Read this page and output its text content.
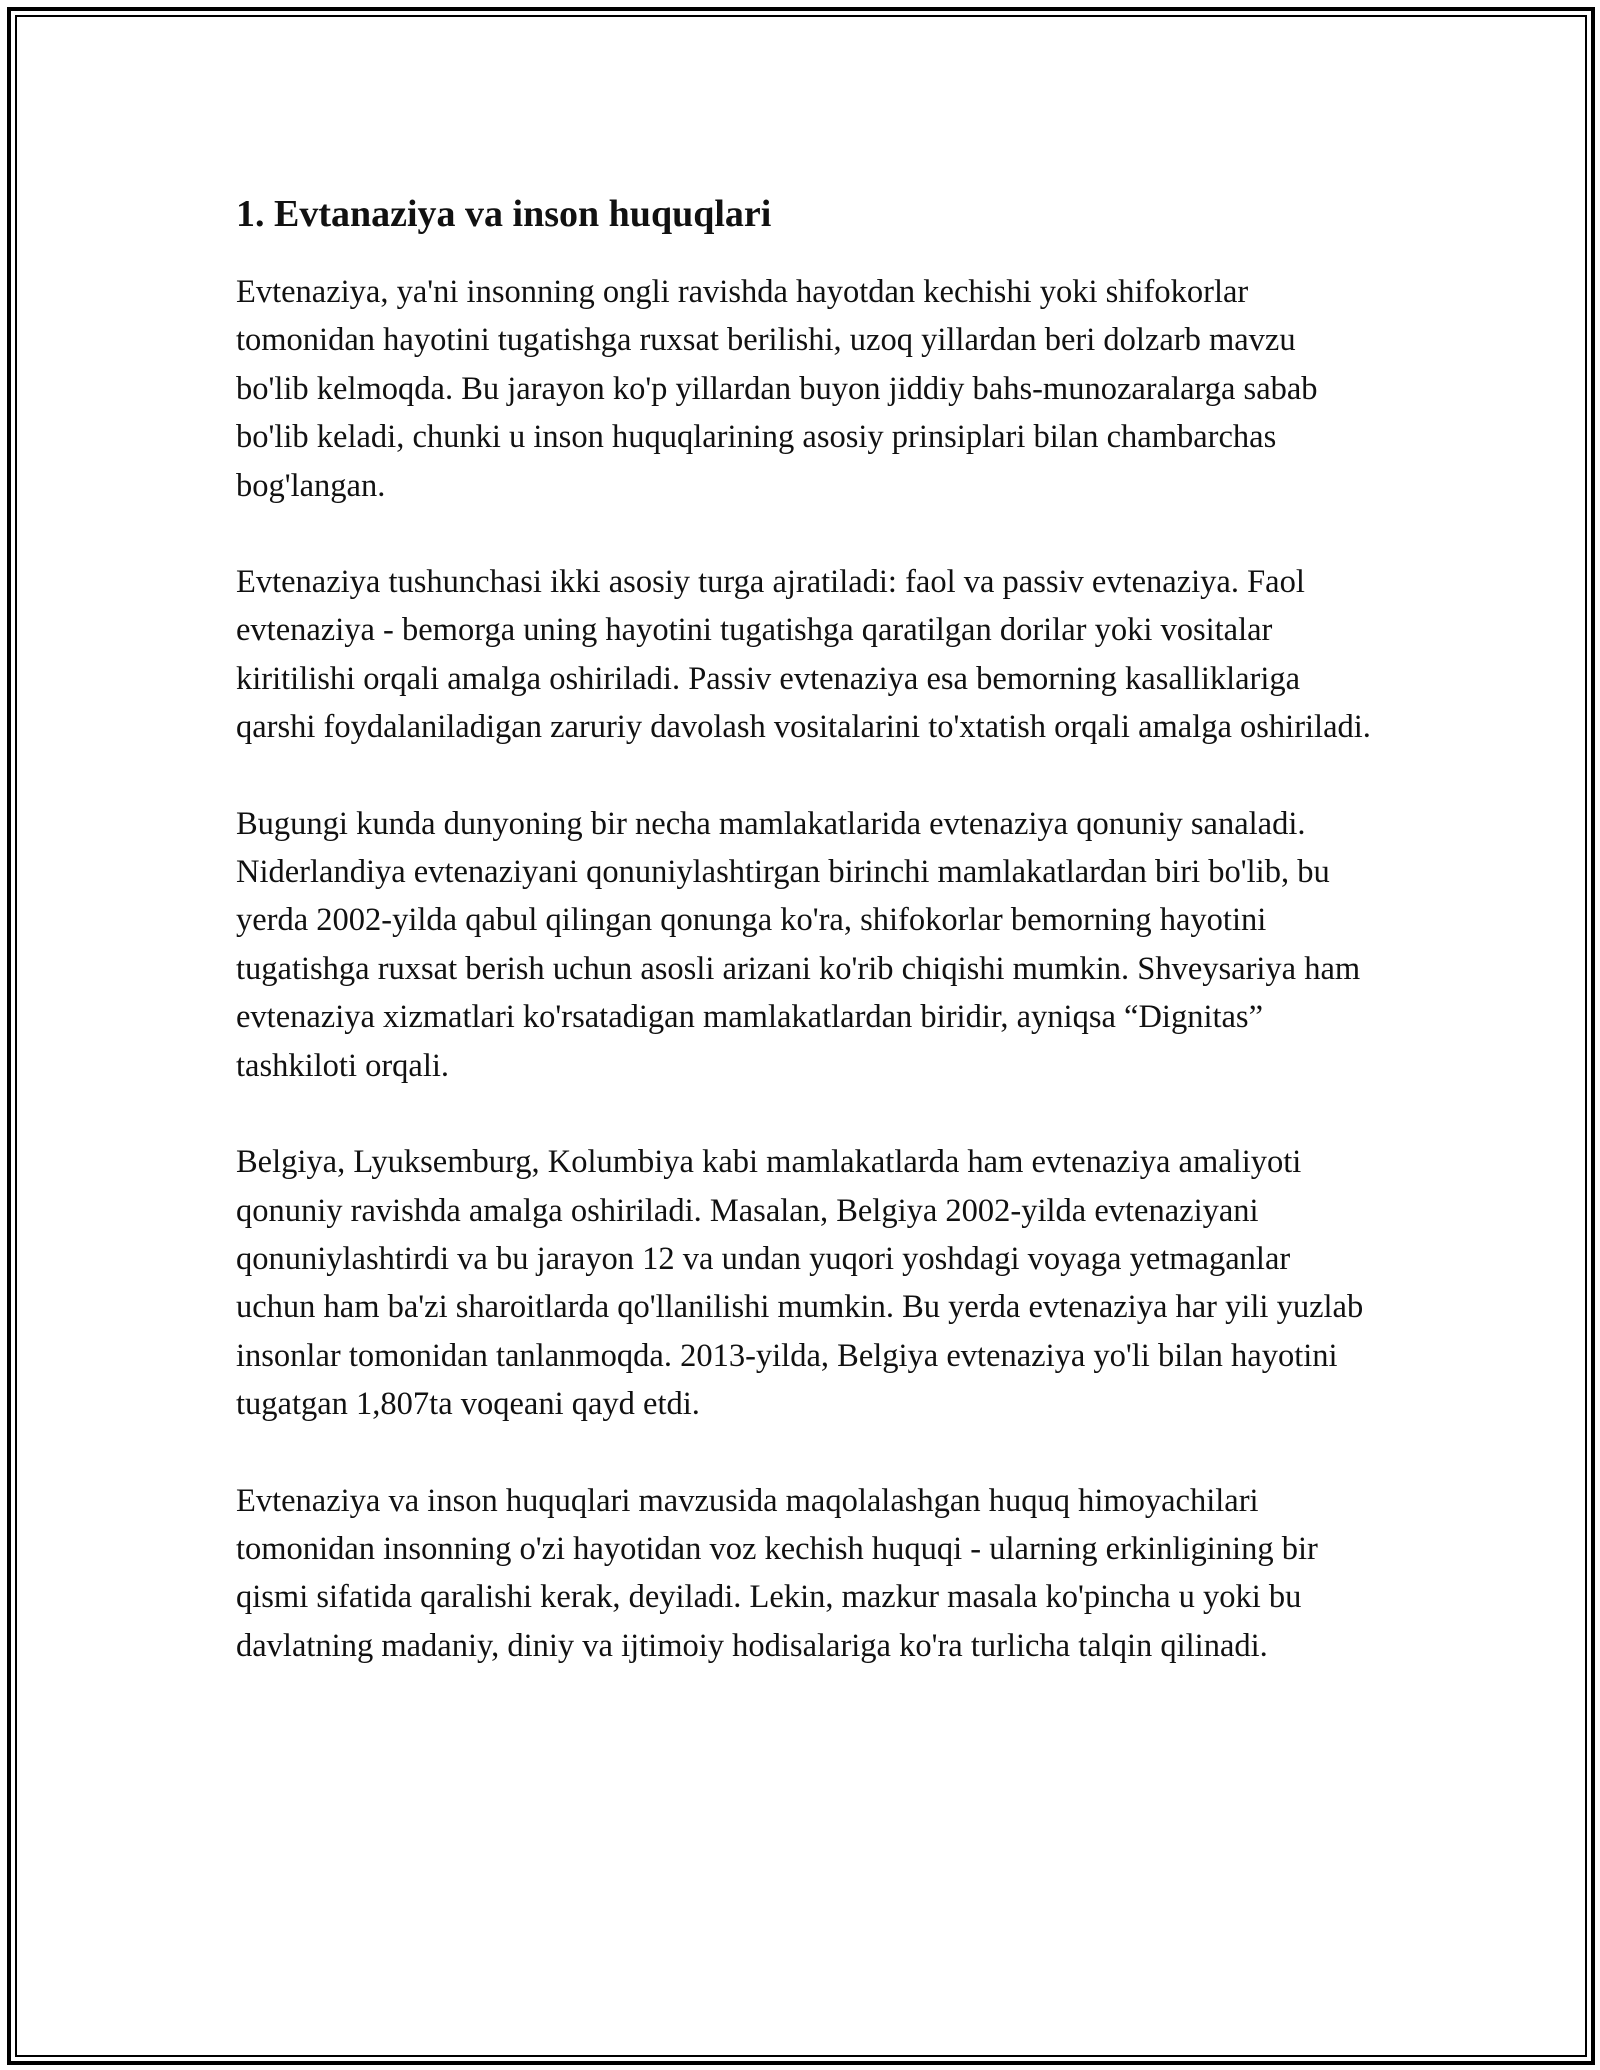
1. Evtanaziya va inson huquqlari

Evtenaziya, ya'ni insonning ongli ravishda hayotdan kechishi yoki shifokorlar tomonidan hayotini tugatishga ruxsat berilishi, uzoq yillardan beri dolzarb mavzu bo'lib kelmoqda. Bu jarayon ko'p yillardan buyon jiddiy bahs-munozaralarga sabab bo'lib keladi, chunki u inson huquqlarining asosiy prinsiplari bilan chambarchas bog'langan.

Evtenaziya tushunchasi ikki asosiy turga ajratiladi: faol va passiv evtenaziya. Faol evtenaziya - bemorga uning hayotini tugatishga qaratilgan dorilar yoki vositalar kiritilishi orqali amalga oshiriladi. Passiv evtenaziya esa bemorning kasalliklariga qarshi foydalaniladigan zaruriy davolash vositalarini to'xtatish orqali amalga oshiriladi.

Bugungi kunda dunyoning bir necha mamlakatlarida evtenaziya qonuniy sanaladi. Niderlandiya evtenaziyani qonuniylashtirgan birinchi mamlakatlardan biri bo'lib, bu yerda 2002-yilda qabul qilingan qonunga ko'ra, shifokorlar bemorning hayotini tugatishga ruxsat berish uchun asosli arizani ko'rib chiqishi mumkin. Shveysariya ham evtenaziya xizmatlari ko'rsatadigan mamlakatlardan biridir, ayniqsa “Dignitas” tashkiloti orqali.

Belgiya, Lyuksemburg, Kolumbiya kabi mamlakatlarda ham evtenaziya amaliyoti qonuniy ravishda amalga oshiriladi. Masalan, Belgiya 2002-yilda evtenaziyani qonuniylashtirdi va bu jarayon 12 va undan yuqori yoshdagi voyaga yetmaganlar uchun ham ba'zi sharoitlarda qo'llanilishi mumkin. Bu yerda evtenaziya har yili yuzlab insonlar tomonidan tanlanmoqda. 2013-yilda, Belgiya evtenaziya yo'li bilan hayotini tugatgan 1,807ta voqeani qayd etdi.

Evtenaziya va inson huquqlari mavzusida maqolalashgan huquq himoyachilari tomonidan insonning o'zi hayotidan voz kechish huquqi - ularning erkinligining bir qismi sifatida qaralishi kerak, deyiladi. Lekin, mazkur masala ko'pincha u yoki bu davlatning madaniy, diniy va ijtimoiy hodisalariga ko'ra turlicha talqin qilinadi.
